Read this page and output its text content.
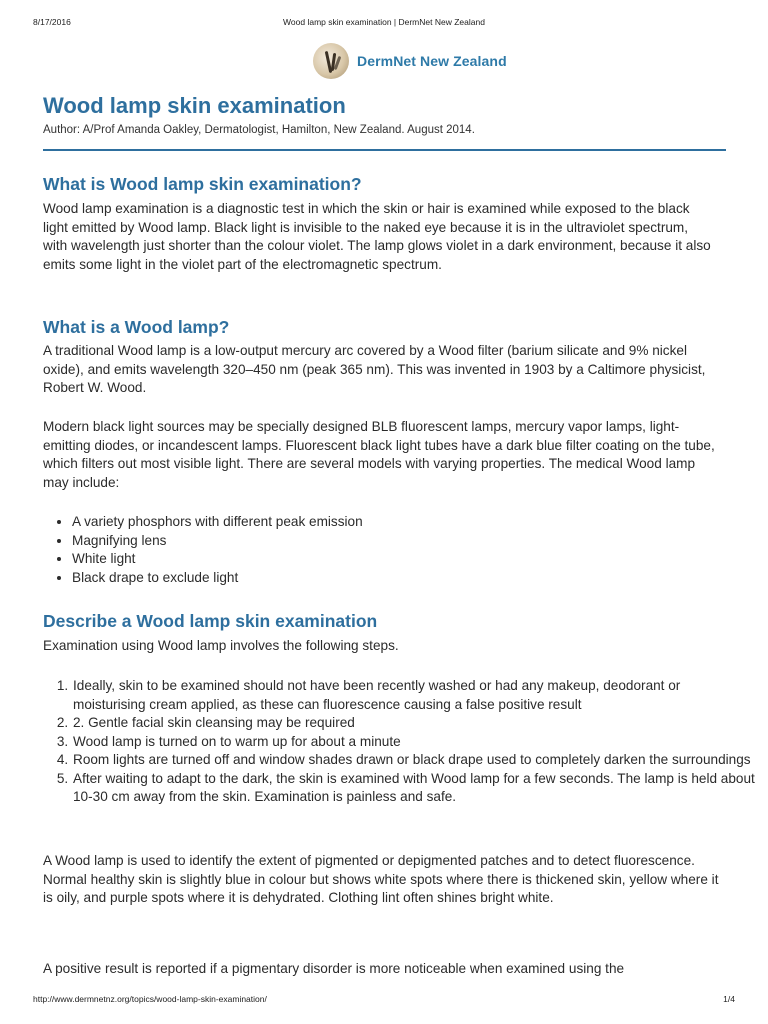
8/17/2016	Wood lamp skin examination | DermNet New Zealand
DermNet New Zealand
Wood lamp skin examination
Author: A/Prof Amanda Oakley, Dermatologist, Hamilton, New Zealand. August 2014.
What is Wood lamp skin examination?

Wood lamp examination is a diagnostic test in which the skin or hair is examined while exposed to the black light emitted by Wood lamp. Black light is invisible to the naked eye because it is in the ultraviolet spectrum, with wavelength just shorter than the colour violet. The lamp glows violet in a dark environment, because it also emits some light in the violet part of the electromagnetic spectrum.

What is a Wood lamp?

A traditional Wood lamp is a low-output mercury arc covered by a Wood filter (barium silicate and 9% nickel oxide), and emits wavelength 320–450 nm (peak 365 nm). This was invented in 1903 by a Caltimore physicist, Robert W. Wood.

Modern black light sources may be specially designed BLB fluorescent lamps, mercury vapor lamps, light-emitting diodes, or incandescent lamps. Fluorescent black light tubes have a dark blue filter coating on the tube, which filters out most visible light. There are several models with varying properties. The medical Wood lamp may include:

• A variety phosphors with different peak emission
• Magnifying lens
• White light
• Black drape to exclude light
Describe a Wood lamp skin examination

Examination using Wood lamp involves the following steps.

1. Ideally, skin to be examined should not have been recently washed or had any makeup, deodorant or moisturising cream applied, as these can fluorescence causing a false positive result
2. 2. Gentle facial skin cleansing may be required
3. Wood lamp is turned on to warm up for about a minute
4. Room lights are turned off and window shades drawn or black drape used to completely darken the surroundings
5. After waiting to adapt to the dark, the skin is examined with Wood lamp for a few seconds. The lamp is held about 10-30 cm away from the skin. Examination is painless and safe.

A Wood lamp is used to identify the extent of pigmented or depigmented patches and to detect fluorescence. Normal healthy skin is slightly blue in colour but shows white spots where there is thickened skin, yellow where it is oily, and purple spots where it is dehydrated. Clothing lint often shines bright white.

A positive result is reported if a pigmentary disorder is more noticeable when examined using the

http://www.dermnetnz.org/topics/wood-lamp-skin-examination/	1/4
